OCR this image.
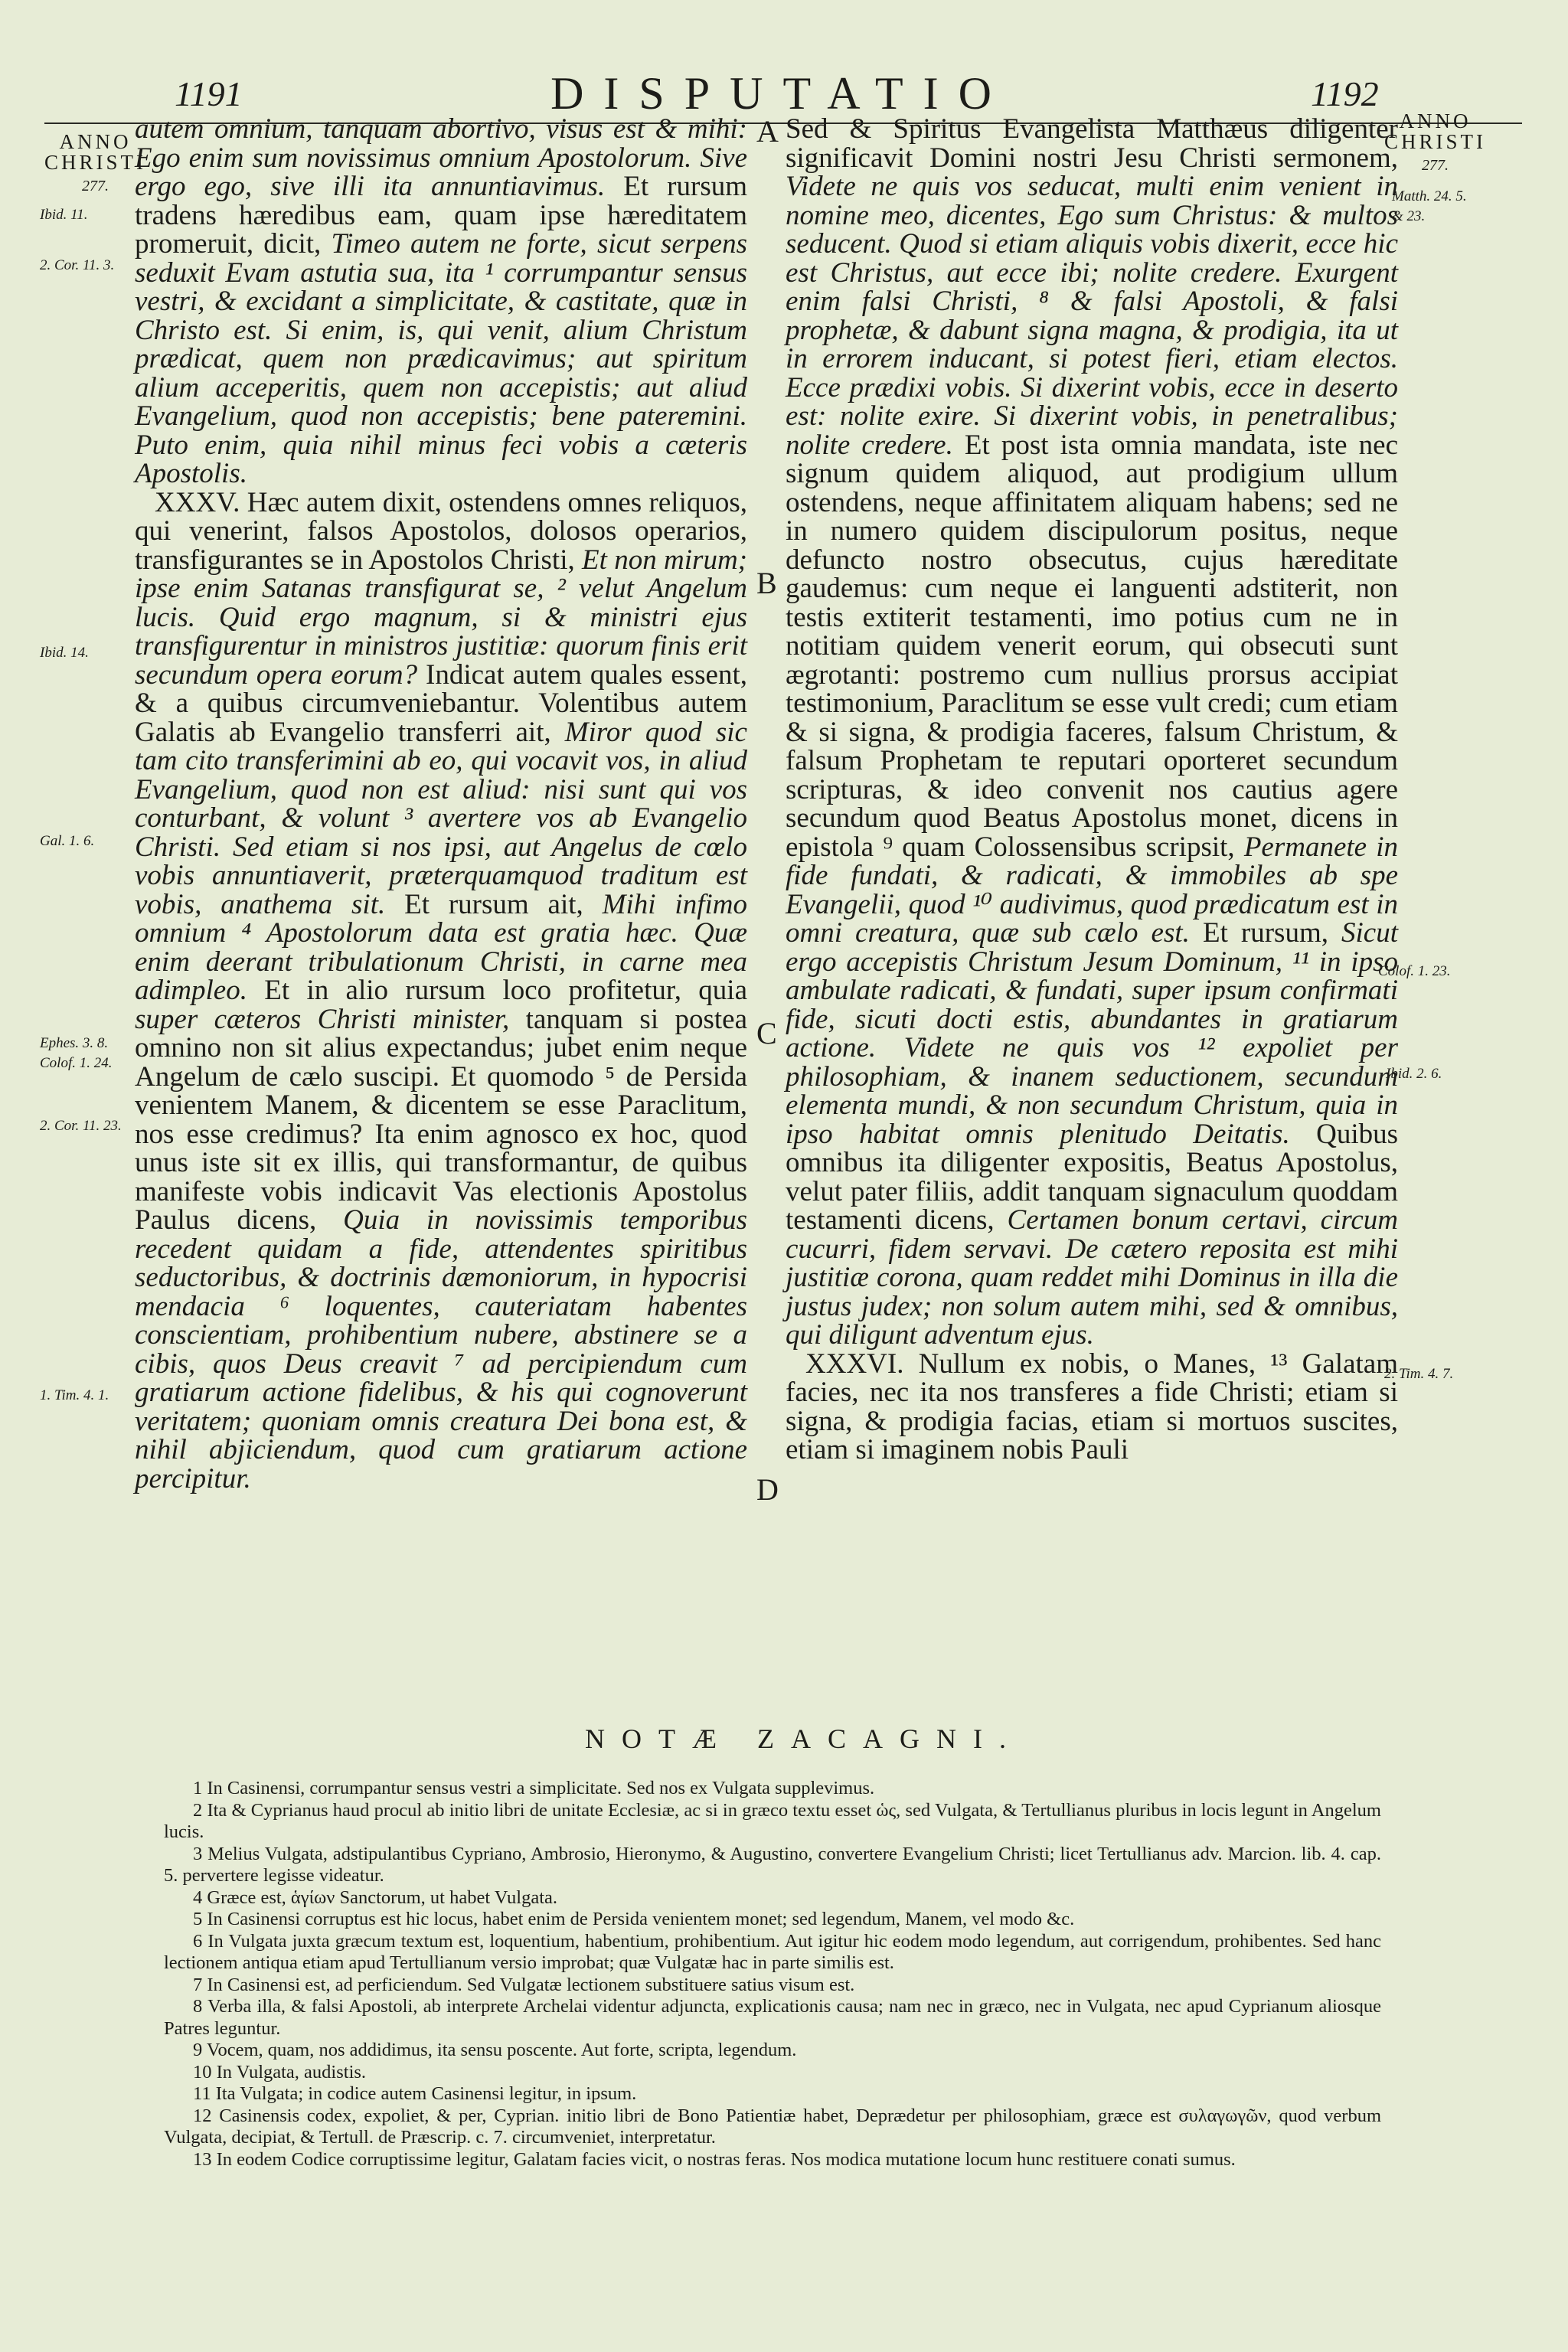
1191	DISPUTATIO	1192
ANNO
CHRISTI
277.
ANNO
CHRISTI
277.
Ibid. 11.
2. Cor. 11. 3.
Ibid. 14.
Gal. 1. 6.
Ephes. 3. 8.
Colof. 1. 24.
2. Cor. 11. 23.
1. Tim. 4. 1.
Matth. 24. 5.
& 23.
Colof. 1. 23.
Ibid. 2. 6.
2. Tim. 4. 7.
A
B
C
D

autem omnium, tanquam abortivo, visus est & mihi: Ego enim sum novissimus omnium Apostolorum. Sive ergo ego, sive illi ita annuntiavimus. Et rursum tradens hæredibus eam, quam ipse hæreditatem promeruit, dicit, Timeo autem ne forte, sicut serpens seduxit Evam astutia sua, ita ¹ corrumpantur sensus vestri, & excidant a simplicitate, & castitate, quæ in Christo est. Si enim, is, qui venit, alium Christum prædicat, quem non prædicavimus; aut spiritum alium acceperitis, quem non accepistis; aut aliud Evangelium, quod non accepistis; bene pateremini. Puto enim, quia nihil minus feci vobis a cæteris Apostolis.

XXXV. Hæc autem dixit, ostendens omnes reliquos, qui venerint, falsos Apostolos, dolosos operarios, transfigurantes se in Apostolos Christi, Et non mirum; ipse enim Satanas transfigurat se, ² velut Angelum lucis. Quid ergo magnum, si & ministri ejus transfigurentur in ministros justitiæ: quorum finis erit secundum opera eorum? Indicat autem quales essent, & a quibus circumveniebantur. Volentibus autem Galatis ab Evangelio transferri ait, Miror quod sic tam cito transferimini ab eo, qui vocavit vos, in aliud Evangelium, quod non est aliud: nisi sunt qui vos conturbant, & volunt ³ avertere vos ab Evangelio Christi. Sed etiam si nos ipsi, aut Angelus de cœlo vobis annuntiaverit, præterquamquod traditum est vobis, anathema sit. Et rursum ait, Mihi infimo omnium ⁴ Apostolorum data est gratia hæc. Quæ enim deerant tribulationum Christi, in carne mea adimpleo. Et in alio rursum loco profitetur, quia super cæteros Christi minister, tanquam si postea omnino non sit alius expectandus; jubet enim neque Angelum de cælo suscipi. Et quomodo ⁵ de Persida venientem Manem, & dicentem se esse Paraclitum, nos esse credimus? Ita enim agnosco ex hoc, quod unus iste sit ex illis, qui transformantur, de quibus manifeste vobis indicavit Vas electionis Apostolus Paulus dicens, Quia in novissimis temporibus recedent quidam a fide, attendentes spiritibus seductoribus, & doctrinis dæmoniorum, in hypocrisi mendacia ⁶ loquentes, cauteriatam habentes conscientiam, prohibentium nubere, abstinere se a cibis, quos Deus creavit ⁷ ad percipiendum cum gratiarum actione fidelibus, & his qui cognoverunt veritatem; quoniam omnis creatura Dei bona est, & nihil abjiciendum, quod cum gratiarum actione percipitur.

Sed & Spiritus Evangelista Matthæus diligenter significavit Domini nostri Jesu Christi sermonem, Videte ne quis vos seducat, multi enim venient in nomine meo, dicentes, Ego sum Christus: & multos seducent. Quod si etiam aliquis vobis dixerit, ecce hic est Christus, aut ecce ibi; nolite credere. Exurgent enim falsi Christi, ⁸ & falsi Apostoli, & falsi prophetæ, & dabunt signa magna, & prodigia, ita ut in errorem inducant, si potest fieri, etiam electos. Ecce prædixi vobis. Si dixerint vobis, ecce in deserto est: nolite exire. Si dixerint vobis, in penetralibus; nolite credere. Et post ista omnia mandata, iste nec signum quidem aliquod, aut prodigium ullum ostendens, neque affinitatem aliquam habens; sed ne in numero quidem discipulorum positus, neque defuncto nostro obsecutus, cujus hæreditate gaudemus: cum neque ei languenti adstiterit, non testis extiterit testamenti, imo potius cum ne in notitiam quidem venerit eorum, qui obsecuti sunt ægrotanti: postremo cum nullius prorsus accipiat testimonium, Paraclitum se esse vult credi; cum etiam & si signa, & prodigia faceres, falsum Christum, & falsum Prophetam te reputari oporteret secundum scripturas, & ideo convenit nos cautius agere secundum quod Beatus Apostolus monet, dicens in epistola ⁹ quam Colossensibus scripsit, Permanete in fide fundati, & radicati, & immobiles ab spe Evangelii, quod ¹⁰ audivimus, quod prædicatum est in omni creatura, quæ sub cælo est. Et rursum, Sicut ergo accepistis Christum Jesum Dominum, ¹¹ in ipso ambulate radicati, & fundati, super ipsum confirmati fide, sicuti docti estis, abundantes in gratiarum actione. Videte ne quis vos ¹² expoliet per philosophiam, & inanem seductionem, secundum elementa mundi, & non secundum Christum, quia in ipso habitat omnis plenitudo Deitatis. Quibus omnibus ita diligenter expositis, Beatus Apostolus, velut pater filiis, addit tanquam signaculum quoddam testamenti dicens, Certamen bonum certavi, circum cucurri, fidem servavi. De cætero reposita est mihi justitiæ corona, quam reddet mihi Dominus in illa die justus judex; non solum autem mihi, sed & omnibus, qui diligunt adventum ejus.

XXXVI. Nullum ex nobis, o Manes, ¹³ Galatam facies, nec ita nos transferes a fide Christi; etiam si signa, & prodigia facias, etiam si mortuos suscites, etiam si imaginem nobis Pauli

NOTÆ ZACAGNI.

1 In Casinensi, corrumpantur sensus vestri a simplicitate. Sed nos ex Vulgata supplevimus.

2 Ita & Cyprianus haud procul ab initio libri de unitate Ecclesiæ, ac si in græco textu esset ὡς, sed Vulgata, & Tertullianus pluribus in locis legunt in Angelum lucis.

3 Melius Vulgata, adstipulantibus Cypriano, Ambrosio, Hieronymo, & Augustino, convertere Evangelium Christi; licet Tertullianus adv. Marcion. lib. 4. cap. 5. pervertere legisse videatur.

4 Græce est, ἁγίων Sanctorum, ut habet Vulgata.

5 In Casinensi corruptus est hic locus, habet enim de Persida venientem monet; sed legendum, Manem, vel modo &c.

6 In Vulgata juxta græcum textum est, loquentium, habentium, prohibentium. Aut igitur hic eodem modo legendum, aut corrigendum, prohibentes. Sed hanc lectionem antiqua etiam apud Tertullianum versio improbat; quæ Vulgatæ hac in parte similis est.

7 In Casinensi est, ad perficiendum. Sed Vulgatæ lectionem substituere satius visum est.

8 Verba illa, & falsi Apostoli, ab interprete Archelai videntur adjuncta, explicationis causa; nam nec in græco, nec in Vulgata, nec apud Cyprianum aliosque Patres leguntur.

9 Vocem, quam, nos addidimus, ita sensu poscente. Aut forte, scripta, legendum.

10 In Vulgata, audistis.

11 Ita Vulgata; in codice autem Casinensi legitur, in ipsum.

12 Casinensis codex, expoliet, & per, Cyprian. initio libri de Bono Patientiæ habet, Deprædetur per philosophiam, græce est συλαγωγῶν, quod verbum Vulgata, decipiat, & Tertull. de Præscrip. c. 7. circumveniet, interpretatur.

13 In eodem Codice corruptissime legitur, Galatam facies vicit, o nostras feras. Nos modica mutatione locum hunc restituere conati sumus.
